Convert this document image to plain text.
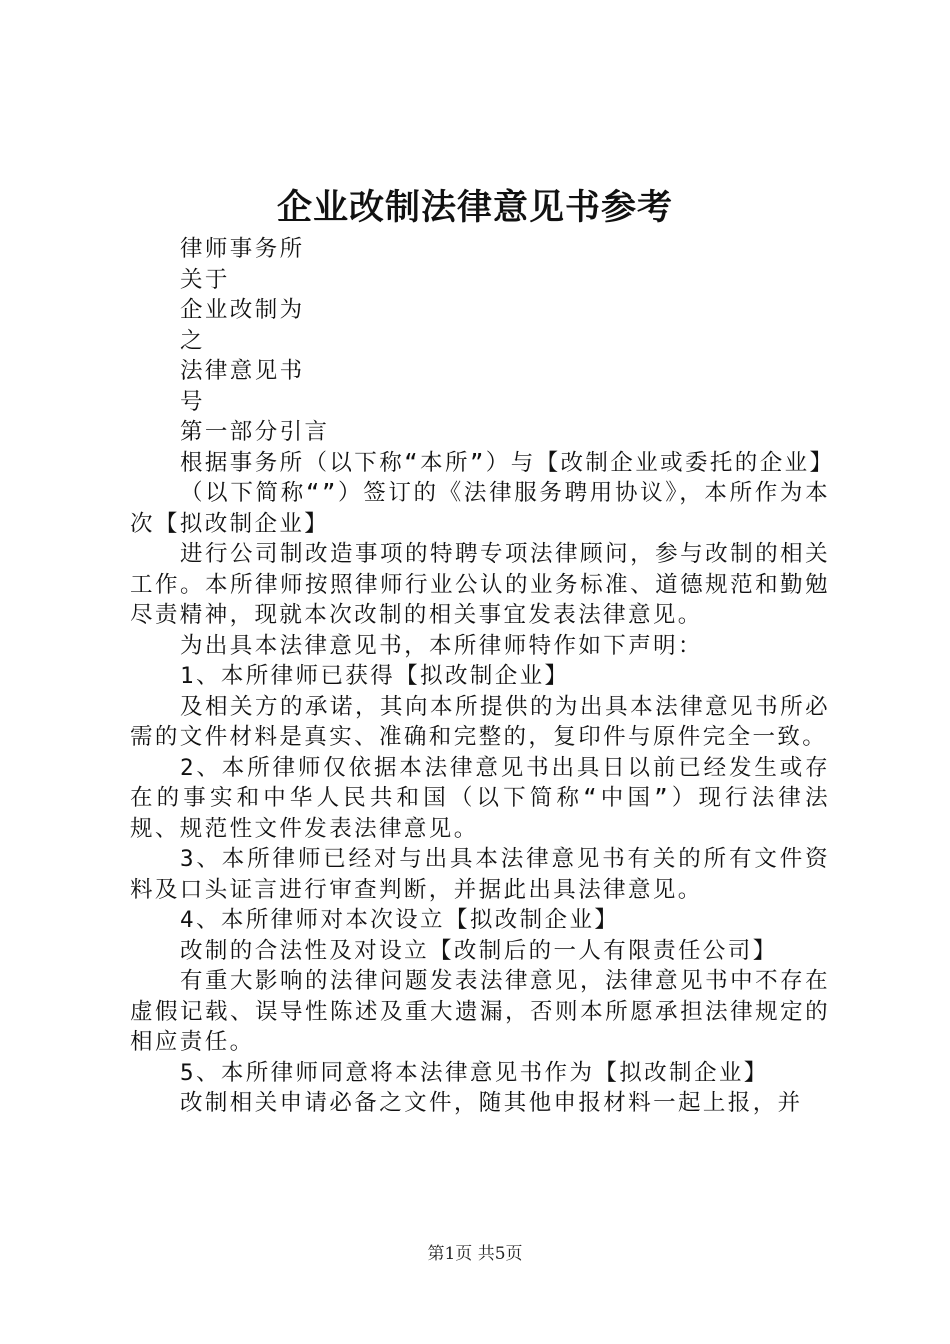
企业改制法律意见书参考

律师事务所

关于

企业改制为

之

法律意见书

号

第一部分引言

根据事务所（以下称“本所”）与【改制企业或委托的企业】

（以下简称“”）签订的《法律服务聘用协议》，本所作为本次【拟改制企业】

进行公司制改造事项的特聘专项法律顾问，参与改制的相关工作。本所律师按照律师行业公认的业务标准、道德规范和勤勉尽责精神，现就本次改制的相关事宜发表法律意见。

为出具本法律意见书，本所律师特作如下声明：

1、本所律师已获得【拟改制企业】

及相关方的承诺，其向本所提供的为出具本法律意见书所必需的文件材料是真实、准确和完整的，复印件与原件完全一致。

2、本所律师仅依据本法律意见书出具日以前已经发生或存在的事实和中华人民共和国（以下简称“中国”）现行法律法规、规范性文件发表法律意见。

3、本所律师已经对与出具本法律意见书有关的所有文件资料及口头证言进行审查判断，并据此出具法律意见。

4、本所律师对本次设立【拟改制企业】

改制的合法性及对设立【改制后的一人有限责任公司】

有重大影响的法律问题发表法律意见，法律意见书中不存在虚假记载、误导性陈述及重大遗漏，否则本所愿承担法律规定的相应责任。

5、本所律师同意将本法律意见书作为【拟改制企业】

改制相关申请必备之文件，随其他申报材料一起上报，并

第1页 共5页
